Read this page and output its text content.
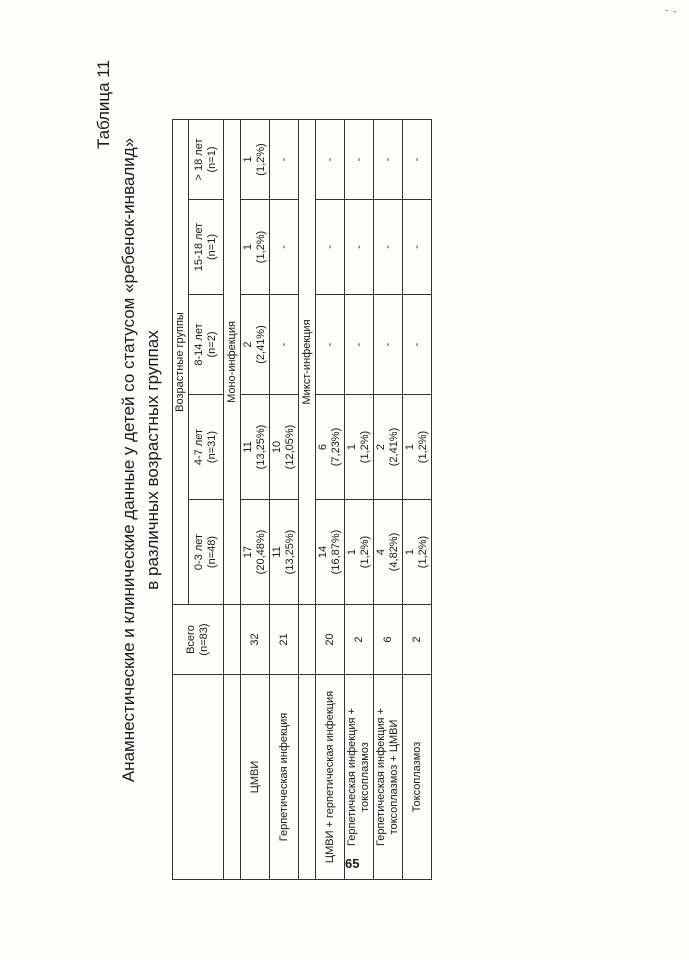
Таблица 11
Анамнестические и клинические данные у детей со статусом «ребенок-инвалид» в различных возрастных группах

	Всего (n=83)	Возрастные группы				

		0-3 лет (n=48)	4-7 лет (n=31)	8-14 лет (n=2)	15-18 лет (n=1)	> 18 лет (n=1)

		Моно-инфекция				
ЦМВИ	32	17 (20,48%)	11 (13,25%)	2 (2,41%)	1 (1,2%)	1 (1,2%)

Герпетическая инфекция	21	11 (13,25%)	10 (12,05%)	-	-	-
		Микст-инфекция				
ЦМВИ + герпетическая инфекция	20	14 (16,87%)	6 (7,23%)	-	-	-
Герпетическая инфекция + токсоплазмоз	2	1 (1,2%)	1 (1,2%)	-	-	-
Герпетическая инфекция + токсоплазмоз + ЦМВИ	6	4 (4,82%)	2 (2,41%)	-	-	-
Токсоплазмоз	2	1 (1,2%)	1 (1,2%)	-	-	-
65
